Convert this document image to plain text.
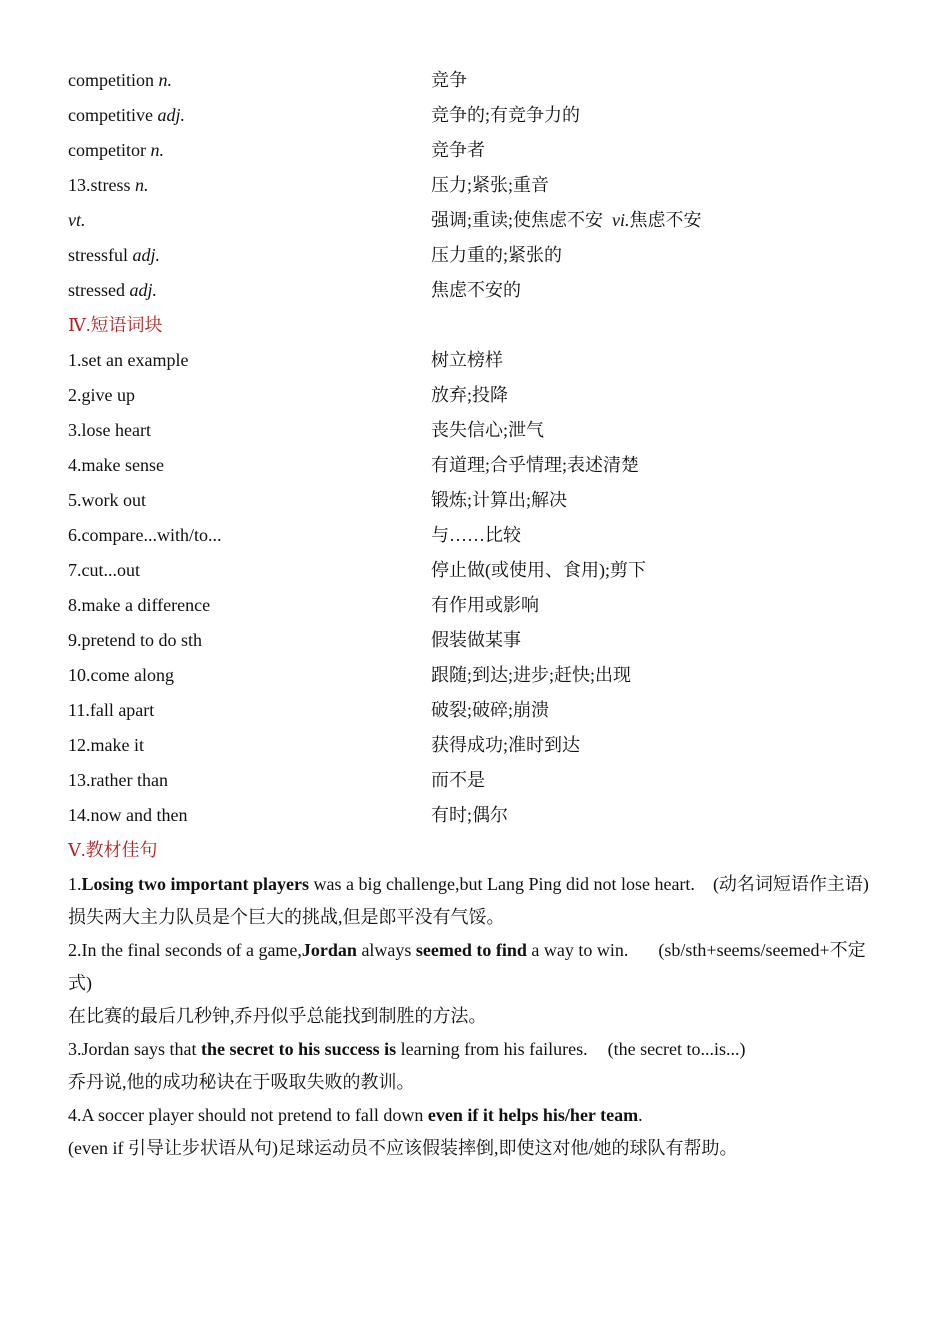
competition n.	竞争
competitive adj.	竞争的;有竞争力的
competitor n.	竞争者
13.stress n.	压力;紧张;重音
vt.	强调;重读;使焦虑不安  vi.焦虑不安
stressful adj.	压力重的;紧张的
stressed adj.	焦虑不安的
Ⅳ.短语词块
1.set an example	树立榜样
2.give up	放弃;投降
3.lose heart	丧失信心;泄气
4.make sense	有道理;合乎情理;表述清楚
5.work out	锻炼;计算出;解决
6.compare...with/to...	与……比较
7.cut...out	停止做(或使用、食用);剪下
8.make a difference	有作用或影响
9.pretend to do sth	假装做某事
10.come along	跟随;到达;进步;赶快;出现
11.fall apart	破裂;破碎;崩溃
12.make it	获得成功;准时到达
13.rather than	而不是
14.now and then	有时;偶尔
Ⅴ.教材佳句

1.Losing two important players was a big challenge,but Lang Ping did not lose heart. (动名词短语作主语)

损失两大主力队员是个巨大的挑战,但是郎平没有气馁。

2.In the final seconds of a game,Jordan always seemed to find a way to win. (sb/sth+seems/seemed+不定式)

在比赛的最后几秒钟,乔丹似乎总能找到制胜的方法。

3.Jordan says that the secret to his success is learning from his failures. (the secret to...is...)

乔丹说,他的成功秘诀在于吸取失败的教训。

4.A soccer player should not pretend to fall down even if it helps his/her team.

(even if 引导让步状语从句)足球运动员不应该假装摔倒,即使这对他/她的球队有帮助。
